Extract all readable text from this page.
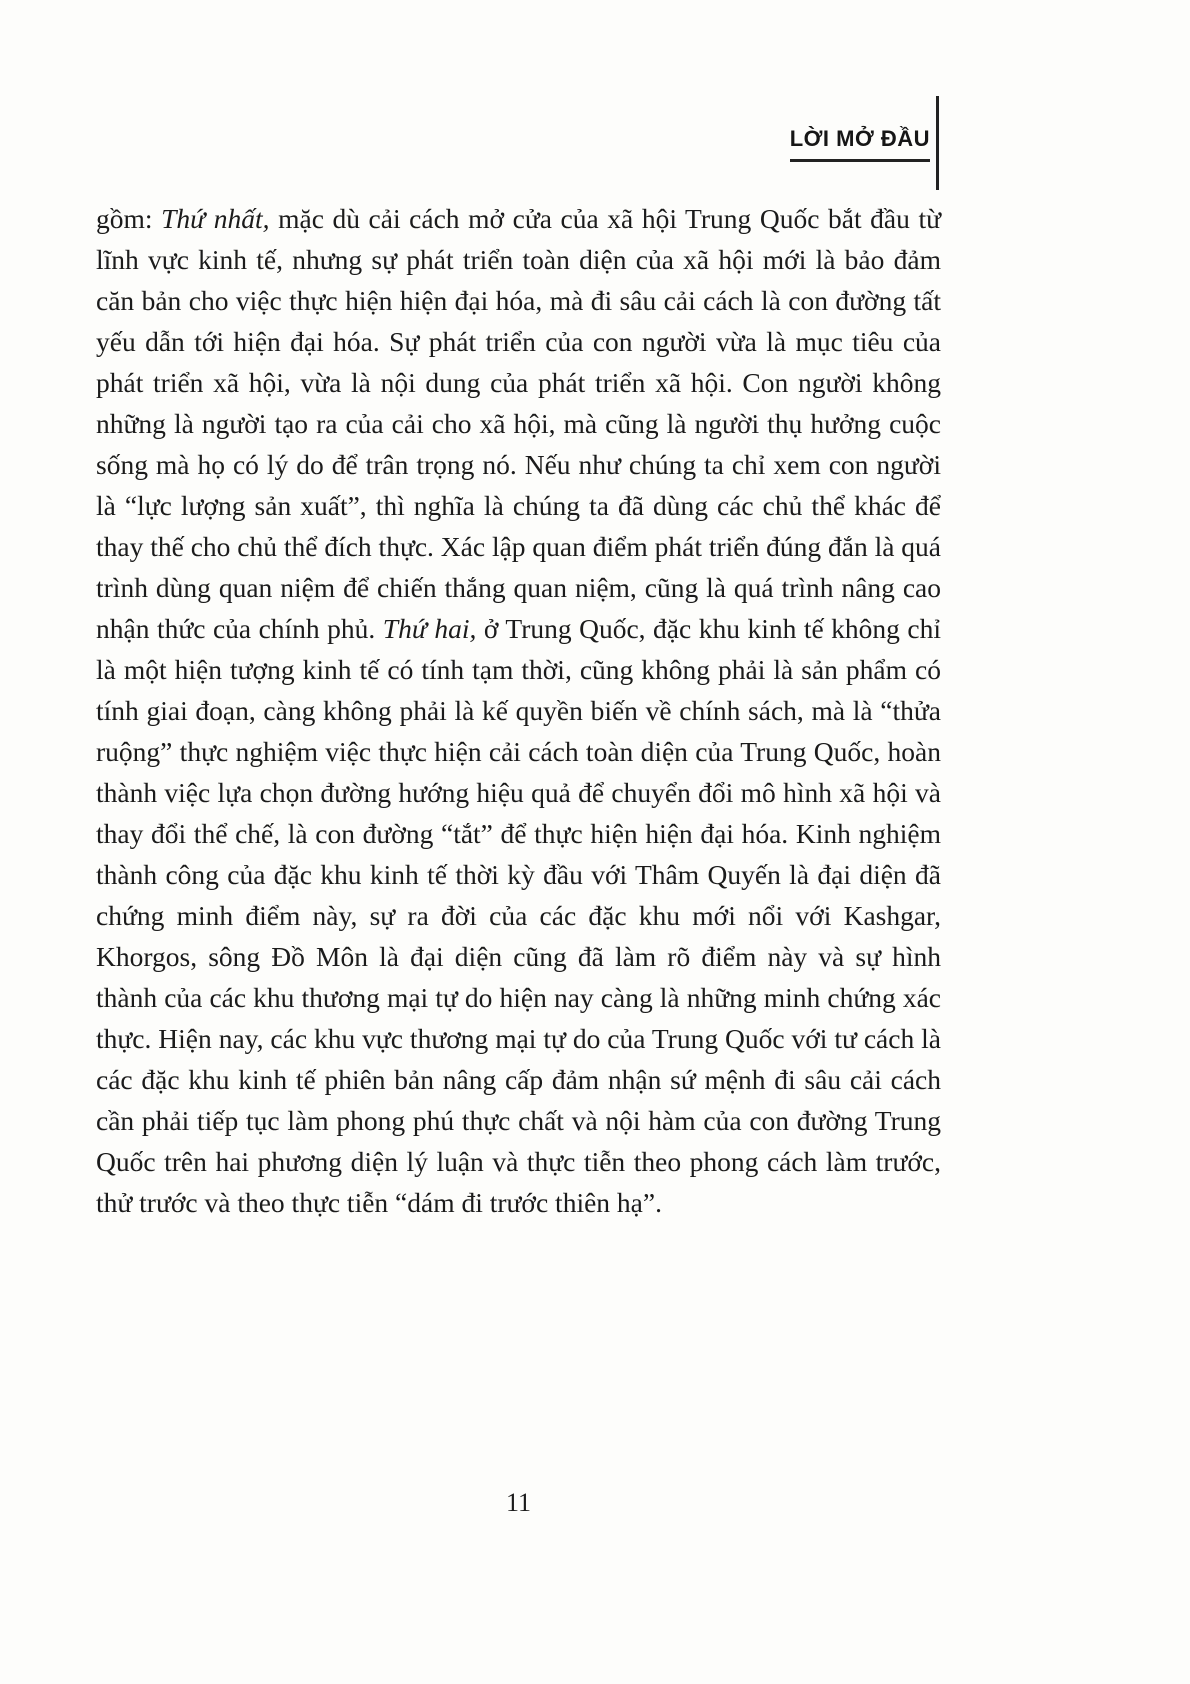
LỜI MỞ ĐẦU
gồm: Thứ nhất, mặc dù cải cách mở cửa của xã hội Trung Quốc bắt đầu từ lĩnh vực kinh tế, nhưng sự phát triển toàn diện của xã hội mới là bảo đảm căn bản cho việc thực hiện hiện đại hóa, mà đi sâu cải cách là con đường tất yếu dẫn tới hiện đại hóa. Sự phát triển của con người vừa là mục tiêu của phát triển xã hội, vừa là nội dung của phát triển xã hội. Con người không những là người tạo ra của cải cho xã hội, mà cũng là người thụ hưởng cuộc sống mà họ có lý do để trân trọng nó. Nếu như chúng ta chỉ xem con người là “lực lượng sản xuất”, thì nghĩa là chúng ta đã dùng các chủ thể khác để thay thế cho chủ thể đích thực. Xác lập quan điểm phát triển đúng đắn là quá trình dùng quan niệm để chiến thắng quan niệm, cũng là quá trình nâng cao nhận thức của chính phủ. Thứ hai, ở Trung Quốc, đặc khu kinh tế không chỉ là một hiện tượng kinh tế có tính tạm thời, cũng không phải là sản phẩm có tính giai đoạn, càng không phải là kế quyền biến về chính sách, mà là “thửa ruộng” thực nghiệm việc thực hiện cải cách toàn diện của Trung Quốc, hoàn thành việc lựa chọn đường hướng hiệu quả để chuyển đổi mô hình xã hội và thay đổi thể chế, là con đường “tắt” để thực hiện hiện đại hóa. Kinh nghiệm thành công của đặc khu kinh tế thời kỳ đầu với Thâm Quyến là đại diện đã chứng minh điểm này, sự ra đời của các đặc khu mới nổi với Kashgar, Khorgos, sông Đồ Môn là đại diện cũng đã làm rõ điểm này và sự hình thành của các khu thương mại tự do hiện nay càng là những minh chứng xác thực. Hiện nay, các khu vực thương mại tự do của Trung Quốc với tư cách là các đặc khu kinh tế phiên bản nâng cấp đảm nhận sứ mệnh đi sâu cải cách cần phải tiếp tục làm phong phú thực chất và nội hàm của con đường Trung Quốc trên hai phương diện lý luận và thực tiễn theo phong cách làm trước, thử trước và theo thực tiễn “dám đi trước thiên hạ”.
11
